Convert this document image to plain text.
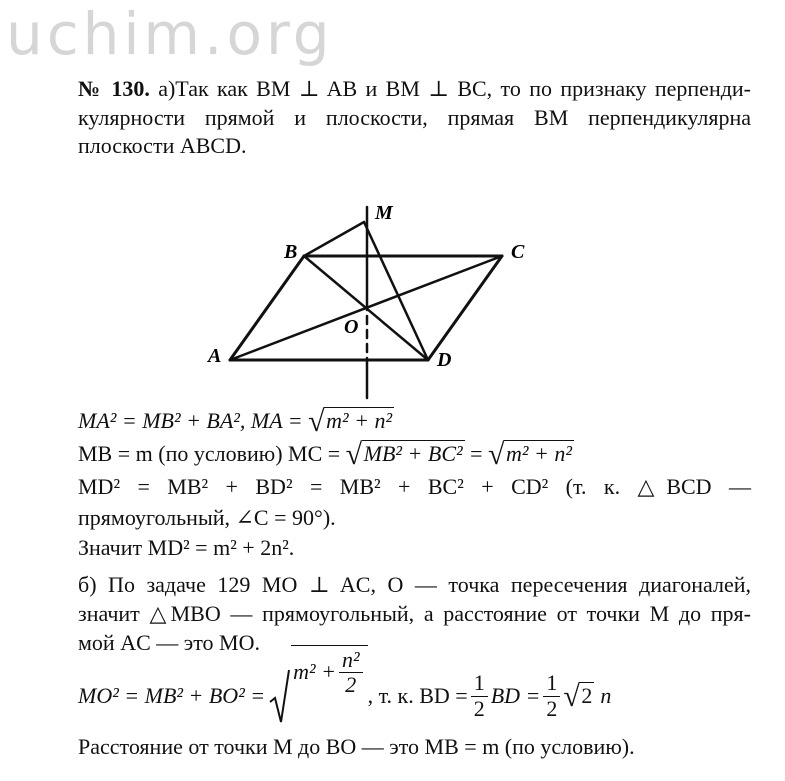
uchim.org
№ 130. а)Так как BM ⊥ AB и BM ⊥ BC, то по признаку перпенди-
кулярности прямой и плоскости, прямая BM перпендикулярна
плоскости ABCD.
M
B	C
O
A	D
MA² = MB² + BA², MA = √ m² + n²
MB = m (по условию) MC = √ MB² + BC² = √ m² + n²
MD² = MB² + BD² = MB² + BC² + CD² (т. к. △BCD —
прямоугольный, ∠C = 90°).
Значит MD² = m² + 2n².
б) По задаче 129 MO ⊥ AC, O — точка пересечения диагоналей,
значит △MBO — прямоугольный, а расстояние от точки M до пря-
мой AC — это MO.
MO² = MB² + BO² =
$m^2 + \frac{\text{n²}}{2}$ , т. к. BD = $\frac{1}{2}$ BD = $\frac{1}{2}$ √ 2 n
Расстояние от точки M до BO — это MB = m (по условию).
